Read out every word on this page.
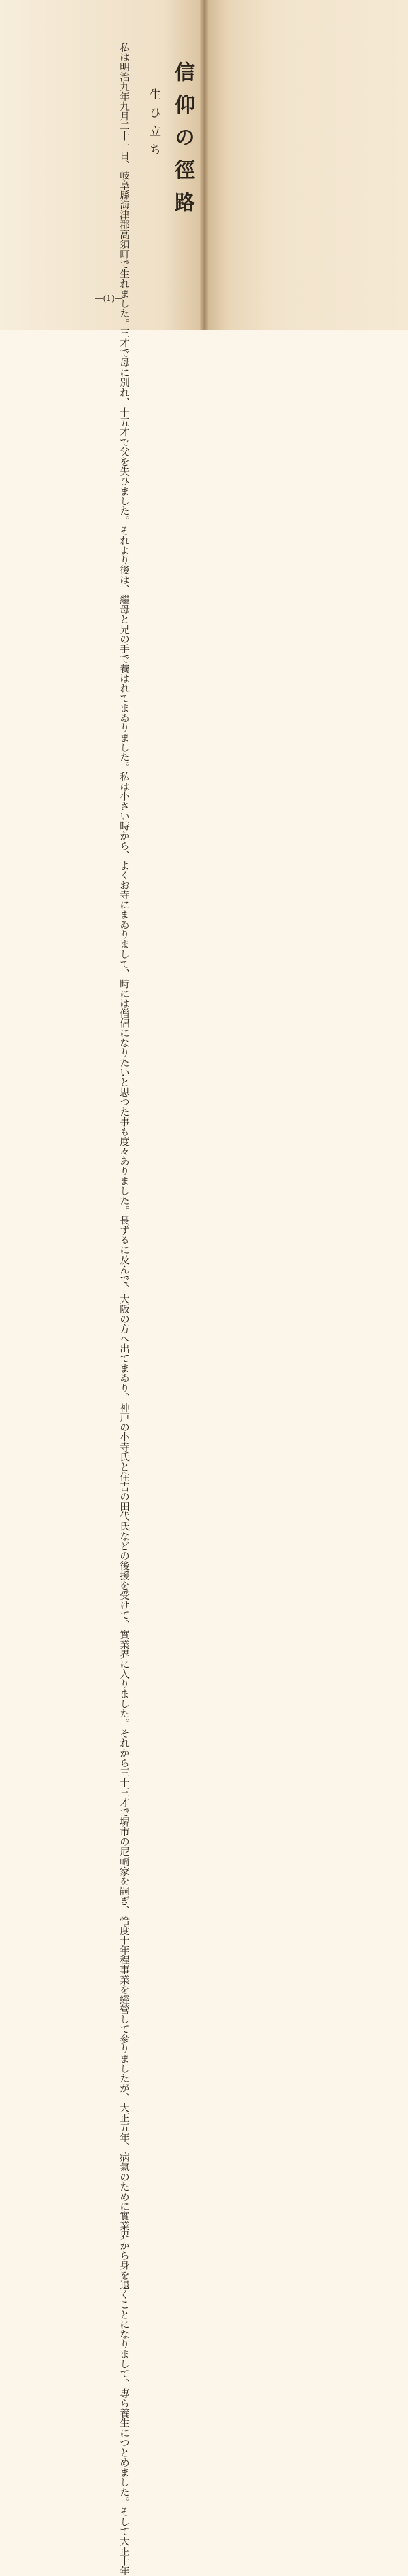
信仰の徑路
生ひ立ち
私は明治九年九月二十一日、岐阜縣海津郡高須町で生れました。三才で母に別
れ、十五才で父を失ひました。それより後は、繼母と兄の手で養はれてまゐりまし
た。私は小さい時から、よくお寺にまゐりまして、時には僧侶になりたいと思つ
た事も度々ありました。長ずるに及んで、大阪の方へ出てまゐり、神戸の小寺氏と
住吉の田代氏などの後援を受けて、實業界に入りました。それから三十三才で堺市の
尼崎家を嗣ぎ、恰度十年程事業を經營して參りましたが、大正五年、病氣のために
實業界から身を退くことになりまして、專ら養生につとめました。そして大正十年
—(1)—
